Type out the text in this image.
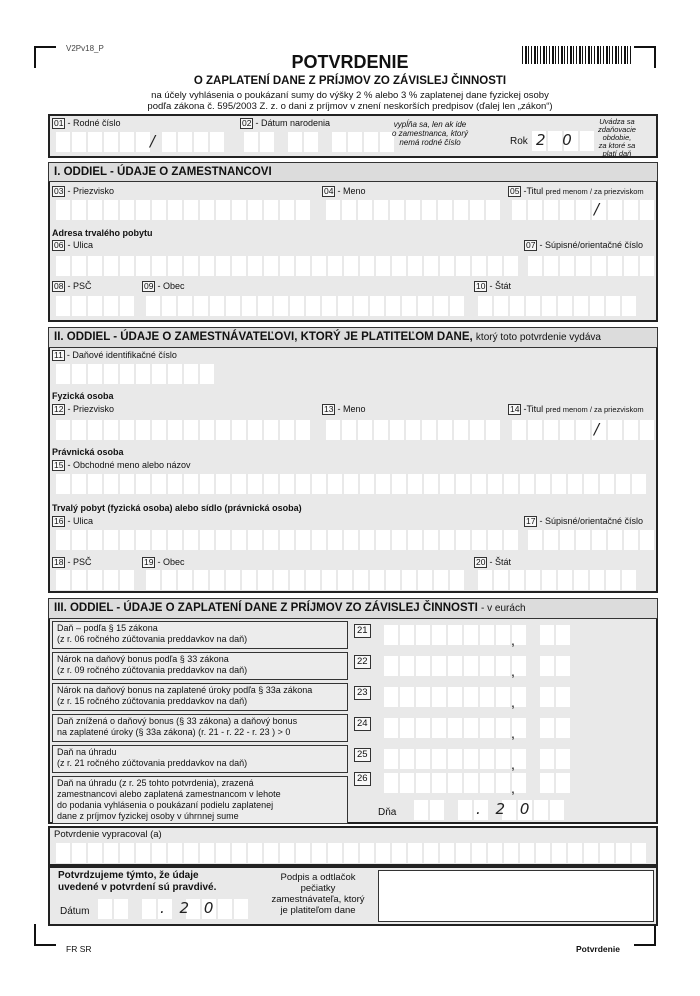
V2Pv18_P
POTVRDENIE
O ZAPLATENÍ DANE Z PRÍJMOV ZO ZÁVISLEJ ČINNOSTI
na účely vyhlásenia o poukázaní sumy do výšky 2 % alebo 3 % zaplatenej dane fyzickej osoby
podľa zákona č. 595/2003 Z. z. o dani z príjmov v znení neskorších predpisov (ďalej len „zákon“)
01 - Rodné číslo
/
02 - Dátum narodenia	vypĺňa sa, len ak ide
o zamestnanca, ktorý
nemá rodné číslo	Rok 2 0
Uvádza sa
zdaňovacie
obdobie,
za ktoré sa
platí daň
I. ODDIEL - ÚDAJE O ZAMESTNANCOVI
03 - Priezvisko	04 - Meno	05 -Titul pred menom / za priezviskom
/
Adresa trvalého pobytu
06 - Ulica	07 - Súpisné/orientačné číslo
08 - PSČ	09 - Obec	10 - Štát
II. ODDIEL - ÚDAJE O ZAMESTNÁVATEĽOVI, KTORÝ JE PLATITEĽOM DANE, ktorý toto potvrdenie vydáva
11 - Daňové identifikačné číslo
Fyzická osoba
12 - Priezvisko	13 - Meno	14 -Titul pred menom / za priezviskom
/
Právnická osoba
15 - Obchodné meno alebo názov
Trvalý pobyt (fyzická osoba) alebo sídlo (právnická osoba)
16 - Ulica	17 - Súpisné/orientačné číslo
18 - PSČ	19 - Obec	20 - Štát
III. ODDIEL - ÚDAJE O ZAPLATENÍ DANE Z PRÍJMOV ZO ZÁVISLEJ ČINNOSTI - v eurách
Daň – podľa § 15 zákona
(z r. 06 ročného zúčtovania preddavkov na daň)
21
,
Nárok na daňový bonus podľa § 33 zákona
(z r. 09 ročného zúčtovania preddavkov na daň)
22
,
Nárok na daňový bonus na zaplatené úroky podľa § 33a zákona
(z r. 15 ročného zúčtovania preddavkov na daň)
23
,
Daň znížená o daňový bonus (§ 33 zákona) a daňový bonus
na zaplatené úroky (§ 33a zákona) (r. 21 - r. 22 - r. 23 ) > 0
24
,
Daň na úhradu
(z r. 21 ročného zúčtovania preddavkov na daň)
25
,
Daň na úhradu (z r. 25 tohto potvrdenia), zrazená
zamestnancovi alebo zaplatená zamestnancom v lehote
do podania vyhlásenia o poukázaní podielu zaplatenej
dane z príjmov fyzickej osoby v úhrnnej sume
26
,
Dňa	. 2 0
Potvrdenie vypracoval (a)
Potvrdzujeme týmto, že údaje
uvedené v potvrdení sú pravdivé.
Dátum	. 2 0
Podpis a odtlačok
pečiatky
zamestnávateľa, ktorý
je platiteľom dane
FR SR	Potvrdenie
